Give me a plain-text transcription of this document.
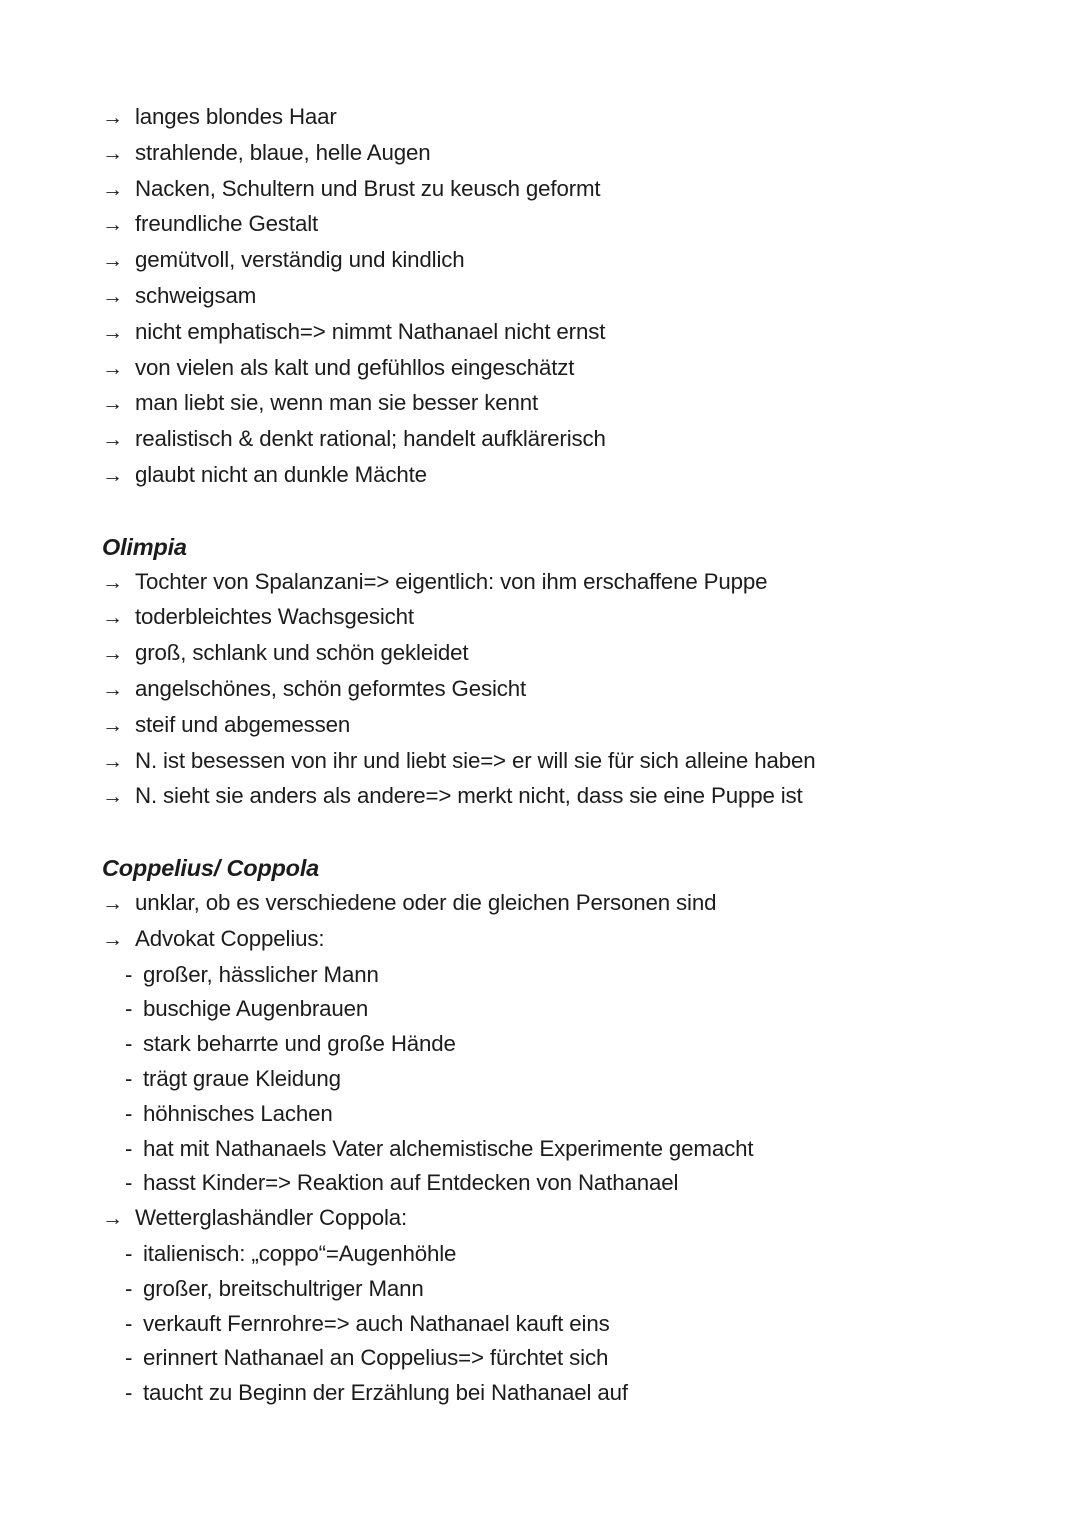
→ langes blondes Haar
→ strahlende, blaue, helle Augen
→ Nacken, Schultern und Brust zu keusch geformt
→ freundliche Gestalt
→ gemütvoll, verständig und kindlich
→ schweigsam
→ nicht emphatisch=> nimmt Nathanael nicht ernst
→ von vielen als kalt und gefühllos eingeschätzt
→ man liebt sie, wenn man sie besser kennt
→ realistisch & denkt rational; handelt aufklärerisch
→ glaubt nicht an dunkle Mächte
Olimpia
→ Tochter von Spalanzani=> eigentlich: von ihm erschaffene Puppe
→ toderbleichtes Wachsgesicht
→ groß, schlank und schön gekleidet
→ angelschönes, schön geformtes Gesicht
→ steif und abgemessen
→ N. ist besessen von ihr und liebt sie=> er will sie für sich alleine haben
→ N. sieht sie anders als andere=> merkt nicht, dass sie eine Puppe ist
Coppelius/ Coppola
→ unklar, ob es verschiedene oder die gleichen Personen sind
→ Advokat Coppelius:
- großer, hässlicher Mann
- buschige Augenbrauen
- stark beharrte und große Hände
- trägt graue Kleidung
- höhnisches Lachen
- hat mit Nathanaels Vater alchemistische Experimente gemacht
- hasst Kinder=> Reaktion auf Entdecken von Nathanael
→ Wetterglashändler Coppola:
- italienisch: „coppo“=Augenhöhle
- großer, breitschultriger Mann
- verkauft Fernrohre=> auch Nathanael kauft eins
- erinnert Nathanael an Coppelius=> fürchtet sich
- taucht zu Beginn der Erzählung bei Nathanael auf
